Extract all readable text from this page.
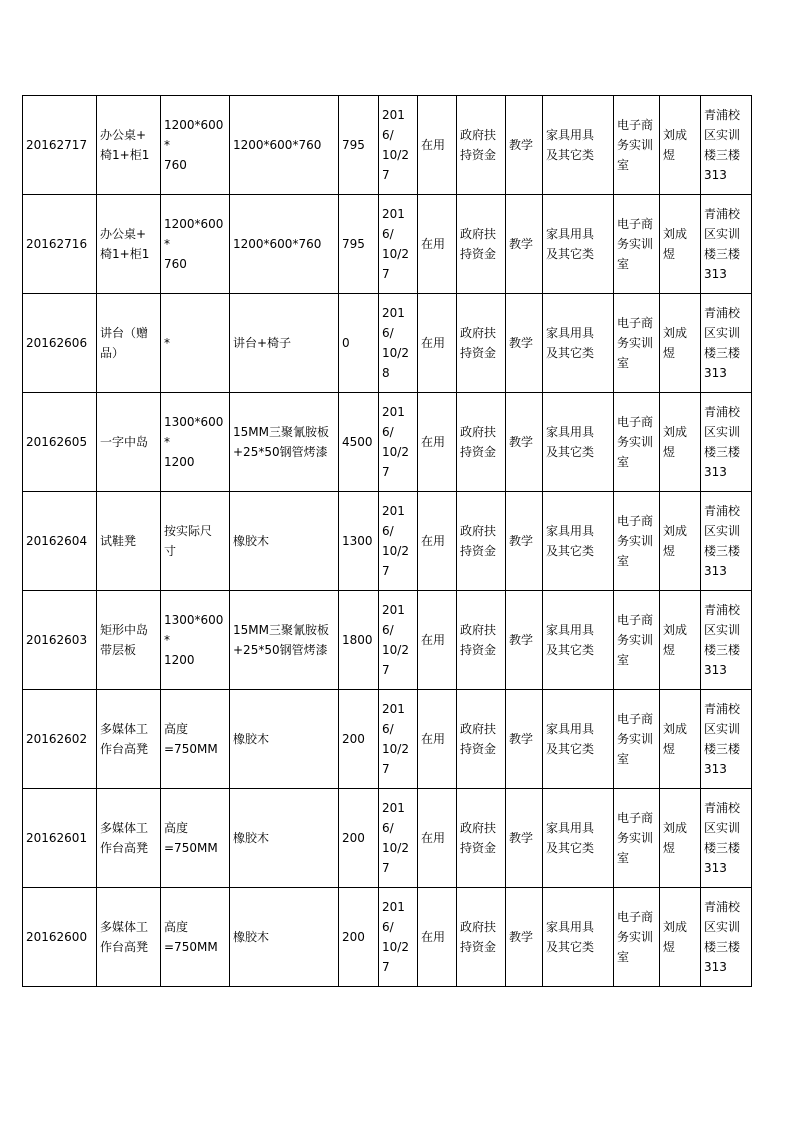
20162717	办公桌+
椅1+柜1	1200*600*
760	1200*600*760	795	2016/
10/27	在用	政府扶
持资金	教学	家具用具
及其它类	电子商
务实训
室	刘成
煜	青浦校
区实训
楼三楼
313

20162716	办公桌+
椅1+柜1	1200*600*
760	1200*600*760	795	2016/
10/27	在用	政府扶
持资金	教学	家具用具
及其它类	电子商
务实训
室	刘成
煜	青浦校
区实训
楼三楼
313

20162606	讲台（赠
品）	*	讲台+椅子	0	2016/
10/28	在用	政府扶
持资金	教学	家具用具
及其它类	电子商
务实训
室	刘成
煜	青浦校
区实训
楼三楼
313

20162605	一字中岛	1300*600*
1200	15MM三聚氰胺板
+25*50钢管烤漆	4500	2016/
10/27	在用	政府扶
持资金	教学	家具用具
及其它类	电子商
务实训
室	刘成
煜	青浦校
区实训
楼三楼
313

20162604	试鞋凳	按实际尺
寸	橡胶木	1300	2016/
10/27	在用	政府扶
持资金	教学	家具用具
及其它类	电子商
务实训
室	刘成
煜	青浦校
区实训
楼三楼
313

20162603	矩形中岛
带层板	1300*600*
1200	15MM三聚氰胺板
+25*50钢管烤漆	1800	2016/
10/27	在用	政府扶
持资金	教学	家具用具
及其它类	电子商
务实训
室	刘成
煜	青浦校
区实训
楼三楼
313

20162602	多媒体工
作台高凳	高度
=750MM	橡胶木	200	2016/
10/27	在用	政府扶
持资金	教学	家具用具
及其它类	电子商
务实训
室	刘成
煜	青浦校
区实训
楼三楼
313

20162601	多媒体工
作台高凳	高度
=750MM	橡胶木	200	2016/
10/27	在用	政府扶
持资金	教学	家具用具
及其它类	电子商
务实训
室	刘成
煜	青浦校
区实训
楼三楼
313

20162600	多媒体工
作台高凳	高度
=750MM	橡胶木	200	2016/
10/27	在用	政府扶
持资金	教学	家具用具
及其它类	电子商
务实训
室	刘成
煜	青浦校
区实训
楼三楼
313
